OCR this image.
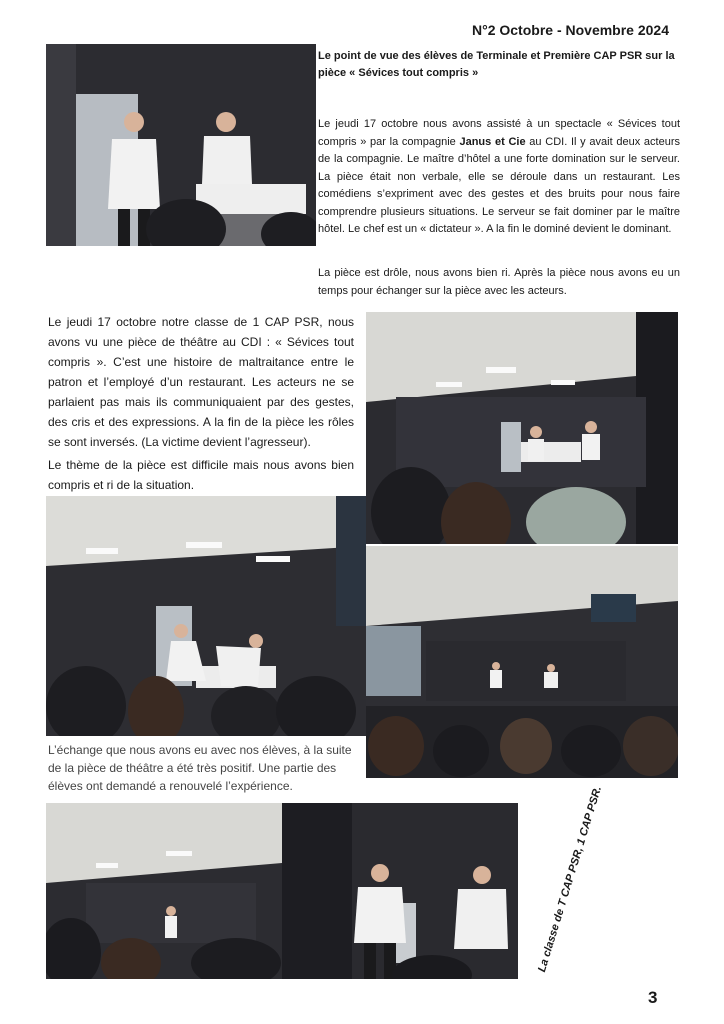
N°2 Octobre - Novembre 2024
Le point de vue des élèves de Terminale et Première CAP PSR sur la
pièce « Sévices tout compris »
Le jeudi 17 octobre nous avons assisté à un spectacle « Sévices tout compris » par la compagnie Janus et Cie au CDI. Il y avait deux acteurs de la compagnie. Le maître d’hôtel a une forte domination sur le serveur. La pièce était non verbale, elle se déroule dans un restaurant. Les comédiens s’expriment avec des gestes et des bruits pour nous faire comprendre plusieurs situations. Le serveur se fait dominer par le maître hôtel. Le chef est un « dictateur ». A la fin le dominé devient le dominant.
La pièce est drôle, nous avons bien ri. Après la pièce nous avons eu un temps pour échanger sur la pièce avec les acteurs.
Le jeudi 17 octobre notre classe de 1 CAP PSR, nous avons vu une pièce de théâtre au CDI : « Sévices tout compris ». C’est une histoire de maltraitance entre le patron et l’employé d’un restaurant. Les acteurs ne se parlaient pas mais ils communiquaient par des gestes, des cris et des expressions. A la fin de la pièce les rôles se sont inversés. (La victime devient l’agresseur).
Le thème de la pièce est difficile mais nous avons bien compris et ri de la situation.
L’échange que nous avons eu avec nos élèves, à la suite de la pièce de théâtre a été très positif. Une partie des élèves ont demandé a renouvelé l’expérience.	La classe de T CAP PSR, 1 CAP PSR.
3
